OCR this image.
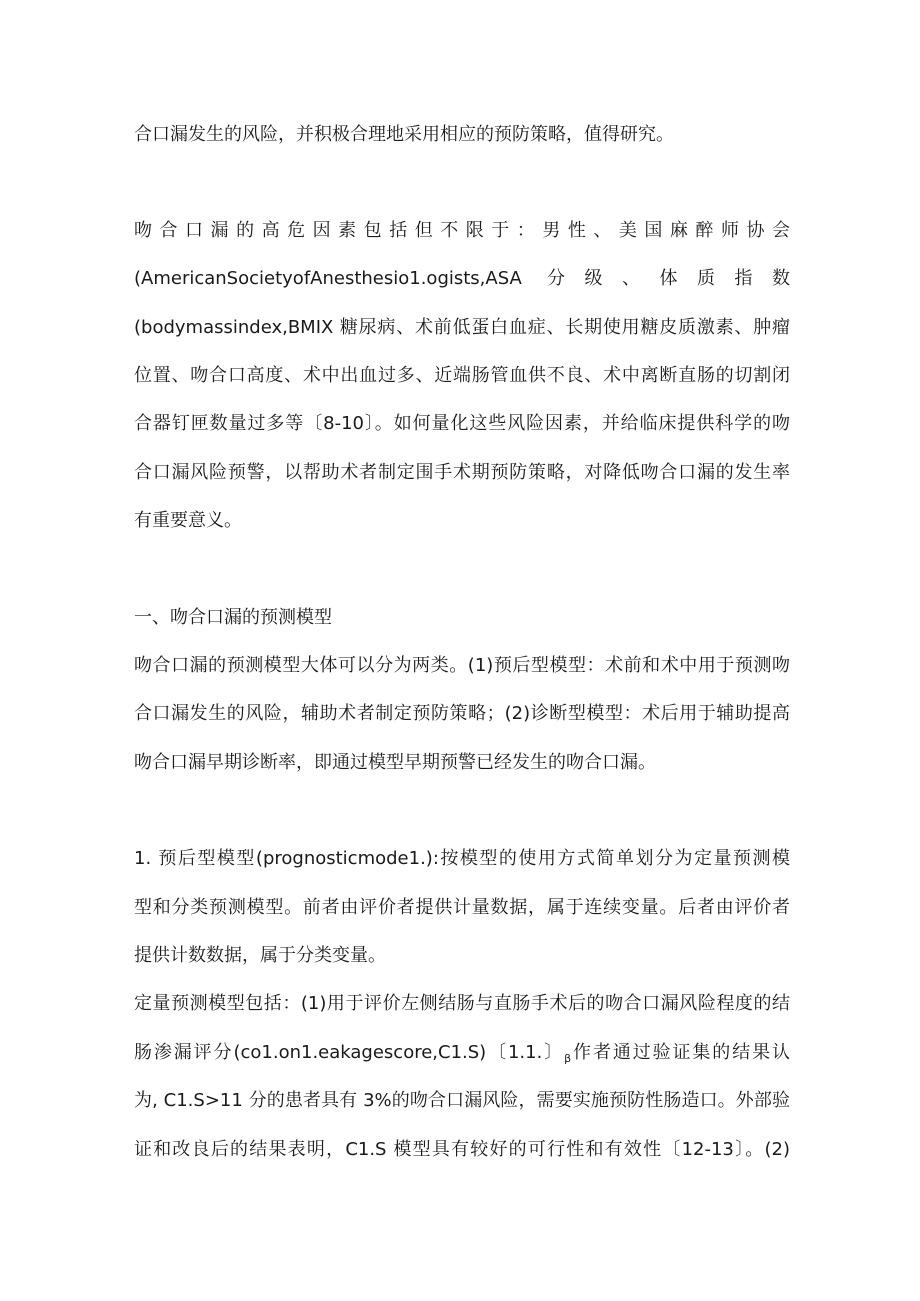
合口漏发生的风险，并积极合理地采用相应的预防策略，值得研究。
吻合口漏的高危因素包括但不限于：男性、美国麻醉师协会
(AmericanSocietyofAnesthesio1.ogists,ASA 分级、体质指数
(bodymassindex,BMIX 糖尿病、术前低蛋白血症、长期使用糖皮质激素、肿瘤
位置、吻合口高度、术中出血过多、近端肠管血供不良、术中离断直肠的切割闭
合器钉匣数量过多等〔8-10〕。如何量化这些风险因素，并给临床提供科学的吻
合口漏风险预警，以帮助术者制定围手术期预防策略，对降低吻合口漏的发生率
有重要意义。
一、吻合口漏的预测模型
吻合口漏的预测模型大体可以分为两类。(1)预后型模型：术前和术中用于预测吻
合口漏发生的风险，辅助术者制定预防策略；(2)诊断型模型：术后用于辅助提高
吻合口漏早期诊断率，即通过模型早期预警已经发生的吻合口漏。
1. 预后型模型(prognosticmode1.):按模型的使用方式简单划分为定量预测模
型和分类预测模型。前者由评价者提供计量数据，属于连续变量。后者由评价者
提供计数数据，属于分类变量。
定量预测模型包括：(1)用于评价左侧结肠与直肠手术后的吻合口漏风险程度的结
肠渗漏评分(co1.on1.eakagescore,C1.S)〔1.1.〕$_\beta$作者通过验证集的结果认
为, C1.S>11 分的患者具有 3%的吻合口漏风险，需要实施预防性肠造口。外部验
证和改良后的结果表明，C1.S 模型具有较好的可行性和有效性〔12-13〕。(2)
